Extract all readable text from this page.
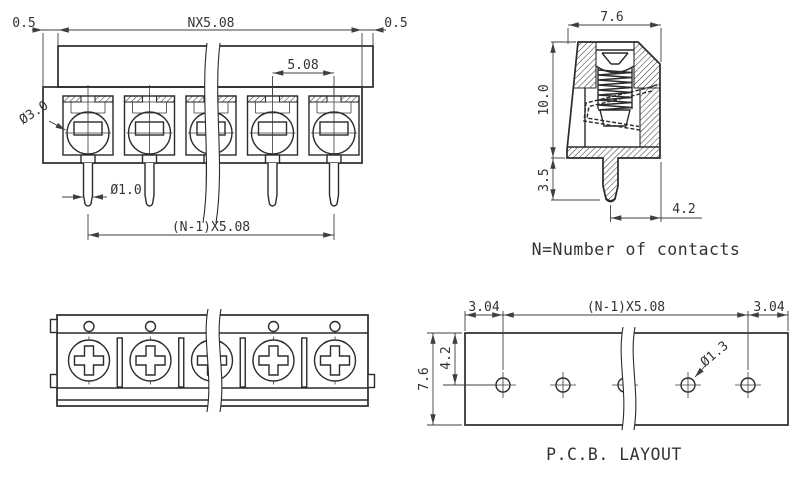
0.5	NX5.08	0.5
5.08
Ø3.0
Ø1.0
(N-1)X5.08
7.6
10.0
3.5
4.2
N=Number of contacts
3.04	(N-1)X5.08	3.04
7.6
4.2	Ø1.3
P.C.B. LAYOUT
